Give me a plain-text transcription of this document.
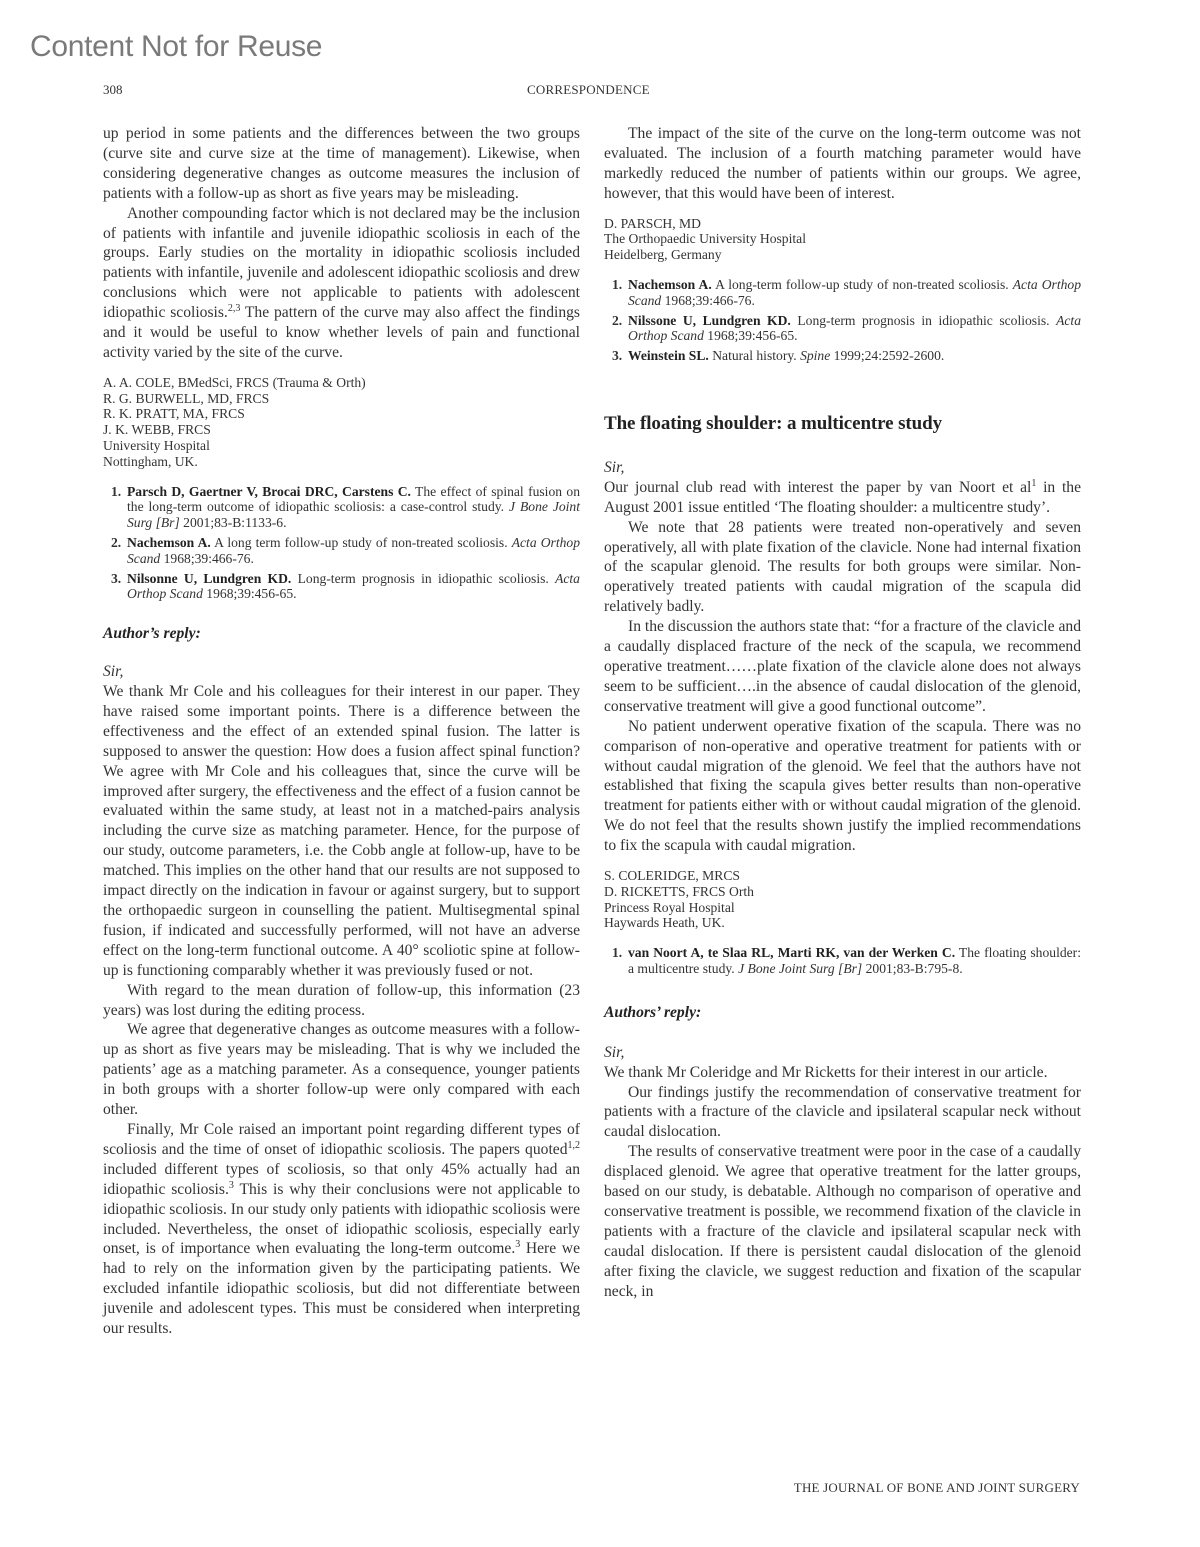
Content Not for Reuse
308	CORRESPONDENCE

up period in some patients and the differences between the two groups (curve site and curve size at the time of management). Likewise, when considering degenerative changes as outcome measures the inclusion of patients with a follow-up as short as five years may be misleading.

Another compounding factor which is not declared may be the inclusion of patients with infantile and juvenile idiopathic scoliosis in each of the groups. Early studies on the mortality in idiopathic scoliosis included patients with infantile, juvenile and adolescent idiopathic scoliosis and drew conclusions which were not applicable to patients with adolescent idiopathic scoliosis.$^{2,3}$ The pattern of the curve may also affect the findings and it would be useful to know whether levels of pain and functional activity varied by the site of the curve.

A. A. COLE, BMedSci, FRCS (Trauma & Orth)
R. G. BURWELL, MD, FRCS
R. K. PRATT, MA, FRCS
J. K. WEBB, FRCS
University Hospital
Nottingham, UK.
1. Parsch D, Gaertner V, Brocai DRC, Carstens C. The effect of spinal fusion on the long-term outcome of idiopathic scoliosis: a case-control study. J Bone Joint Surg [Br] 2001;83-B:1133-6.
2. Nachemson A. A long term follow-up study of non-treated scoliosis. Acta Orthop Scand 1968;39:466-76.
3. Nilsonne U, Lundgren KD. Long-term prognosis in idiopathic scoliosis. Acta Orthop Scand 1968;39:456-65.
Author’s reply:
Sir,

We thank Mr Cole and his colleagues for their interest in our paper. They have raised some important points. There is a difference between the effectiveness and the effect of an extended spinal fusion. The latter is supposed to answer the question: How does a fusion affect spinal function? We agree with Mr Cole and his colleagues that, since the curve will be improved after surgery, the effectiveness and the effect of a fusion cannot be evaluated within the same study, at least not in a matched-pairs analysis including the curve size as matching parameter. Hence, for the purpose of our study, outcome parameters, i.e. the Cobb angle at follow-up, have to be matched. This implies on the other hand that our results are not supposed to impact directly on the indication in favour or against surgery, but to support the orthopaedic surgeon in counselling the patient. Multisegmental spinal fusion, if indicated and successfully performed, will not have an adverse effect on the long-term functional outcome. A 40° scoliotic spine at follow-up is functioning comparably whether it was previously fused or not.

With regard to the mean duration of follow-up, this information (23 years) was lost during the editing process.

We agree that degenerative changes as outcome measures with a follow-up as short as five years may be misleading. That is why we included the patients’ age as a matching parameter. As a consequence, younger patients in both groups with a shorter follow-up were only compared with each other.

Finally, Mr Cole raised an important point regarding different types of scoliosis and the time of onset of idiopathic scoliosis. The papers quoted$^{1,2}$ included different types of scoliosis, so that only 45% actually had an idiopathic scoliosis.$^3$ This is why their conclusions were not applicable to idiopathic scoliosis. In our study only patients with idiopathic scoliosis were included. Nevertheless, the onset of idiopathic scoliosis, especially early onset, is of importance when evaluating the long-term outcome.$^3$ Here we had to rely on the information given by the participating patients. We excluded infantile idiopathic scoliosis, but did not differentiate between juvenile and adolescent types. This must be considered when interpreting our results.

The impact of the site of the curve on the long-term outcome was not evaluated. The inclusion of a fourth matching parameter would have markedly reduced the number of patients within our groups. We agree, however, that this would have been of interest.

D. PARSCH, MD
The Orthopaedic University Hospital
Heidelberg, Germany
1. Nachemson A. A long-term follow-up study of non-treated scoliosis. Acta Orthop Scand 1968;39:466-76.
2. Nilssone U, Lundgren KD. Long-term prognosis in idiopathic scoliosis. Acta Orthop Scand 1968;39:456-65.
3. Weinstein SL. Natural history. Spine 1999;24:2592-2600.
The floating shoulder: a multicentre study
Sir,

Our journal club read with interest the paper by van Noort et $al^1$ in the August 2001 issue entitled ‘The floating shoulder: a multicentre study’.

We note that 28 patients were treated non-operatively and seven operatively, all with plate fixation of the clavicle. None had internal fixation of the scapular glenoid. The results for both groups were similar. Non-operatively treated patients with caudal migration of the scapula did relatively badly.

In the discussion the authors state that: “for a fracture of the clavicle and a caudally displaced fracture of the neck of the scapula, we recommend operative treatment……plate fixation of the clavicle alone does not always seem to be sufficient….in the absence of caudal dislocation of the glenoid, conservative treatment will give a good functional outcome”.

No patient underwent operative fixation of the scapula. There was no comparison of non-operative and operative treatment for patients with or without caudal migration of the glenoid. We feel that the authors have not established that fixing the scapula gives better results than non-operative treatment for patients either with or without caudal migration of the glenoid. We do not feel that the results shown justify the implied recommendations to fix the scapula with caudal migration.

S. COLERIDGE, MRCS
D. RICKETTS, FRCS Orth
Princess Royal Hospital
Haywards Heath, UK.
1. van Noort A, te Slaa RL, Marti RK, van der Werken C. The floating shoulder: a multicentre study. J Bone Joint Surg [Br] 2001;83-B:795-8.
Authors’ reply:
Sir,

We thank Mr Coleridge and Mr Ricketts for their interest in our article.

Our findings justify the recommendation of conservative treatment for patients with a fracture of the clavicle and ipsilateral scapular neck without caudal dislocation.

The results of conservative treatment were poor in the case of a caudally displaced glenoid. We agree that operative treatment for the latter groups, based on our study, is debatable. Although no comparison of operative and conservative treatment is possible, we recommend fixation of the clavicle in patients with a fracture of the clavicle and ipsilateral scapular neck with caudal dislocation. If there is persistent caudal dislocation of the glenoid after fixing the clavicle, we suggest reduction and fixation of the scapular neck, in

THE JOURNAL OF BONE AND JOINT SURGERY
